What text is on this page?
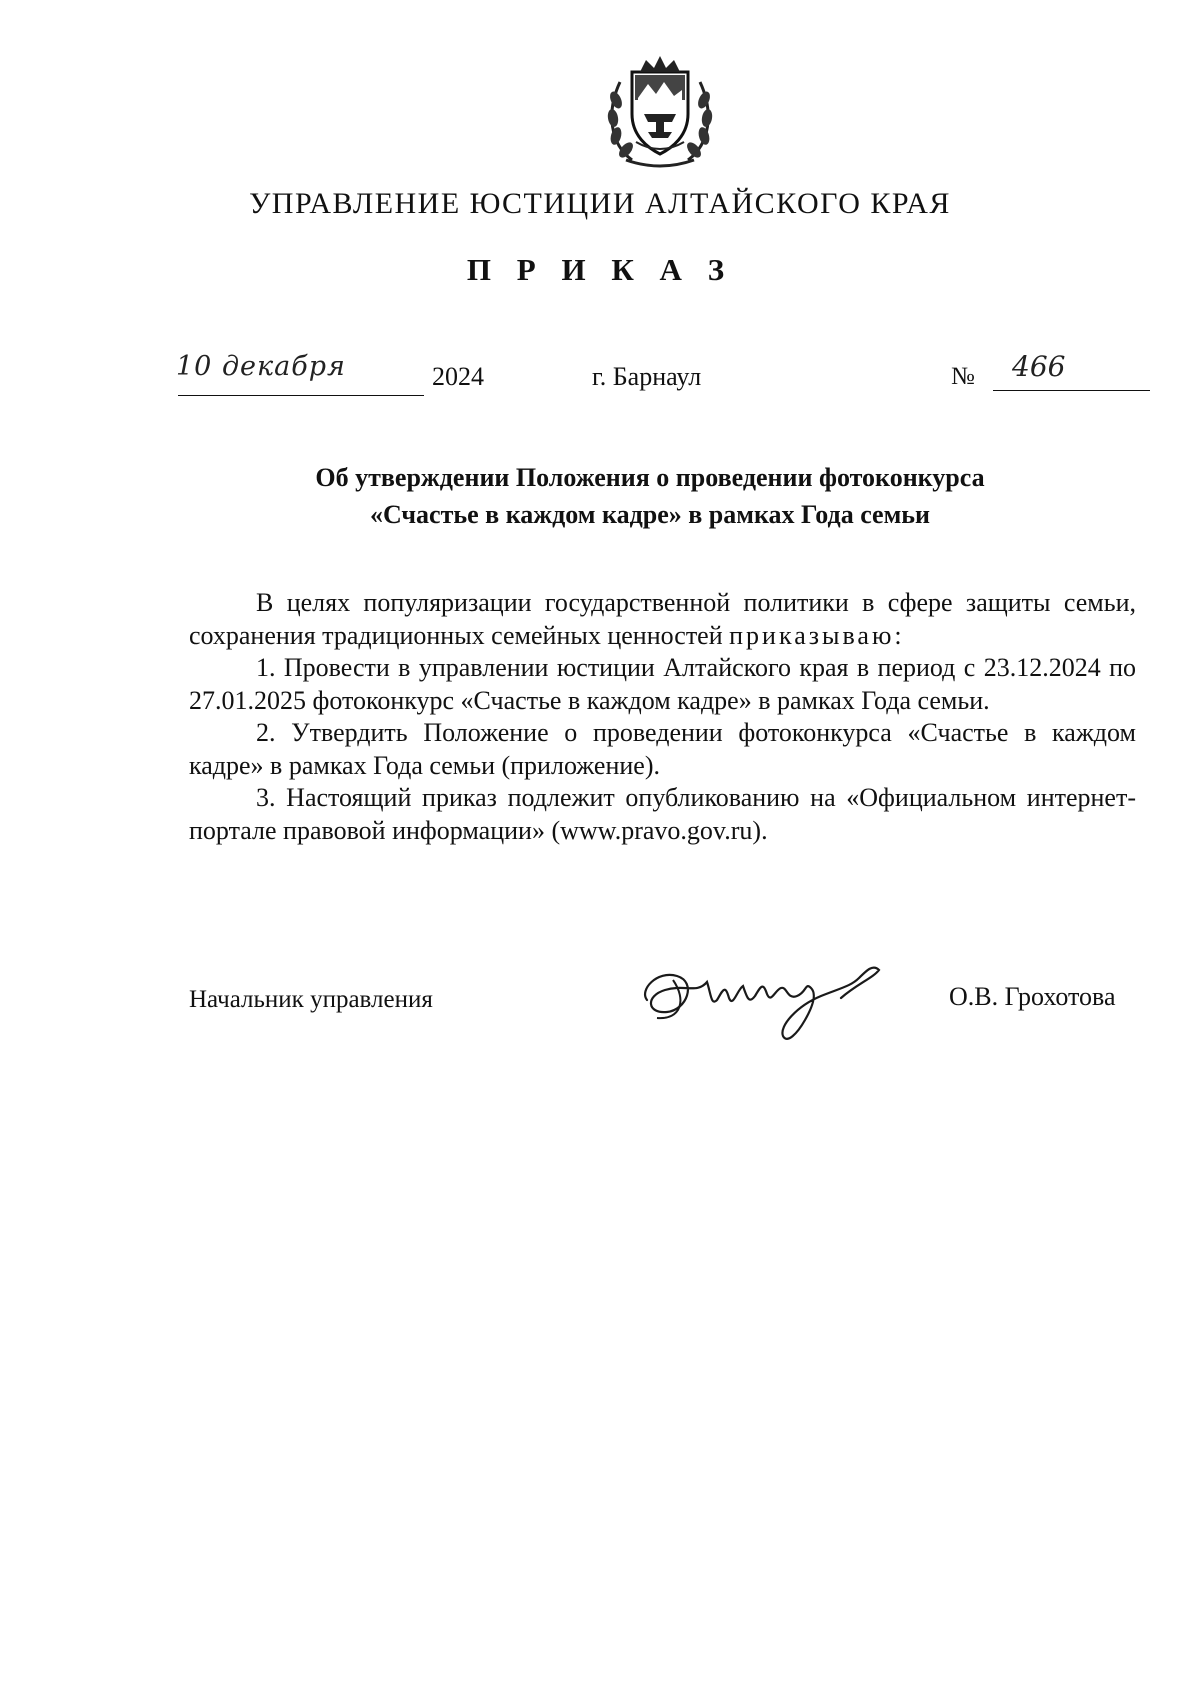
УПРАВЛЕНИЕ ЮСТИЦИИ АЛТАЙСКОГО КРАЯ
П Р И К А З
10 декабря	2024	г. Барнаул	№ 466
Об утверждении Положения о проведении фотоконкурса
«Счастье в каждом кадре» в рамках Года семьи

В целях популяризации государственной политики в сфере защиты семьи, сохранения традиционных семейных ценностей приказываю:

1. Провести в управлении юстиции Алтайского края в период с 23.12.2024 по 27.01.2025 фотоконкурс «Счастье в каждом кадре» в рамках Года семьи.

2. Утвердить Положение о проведении фотоконкурса «Счастье в каждом кадре» в рамках Года семьи (приложение).

3. Настоящий приказ подлежит опубликованию на «Официальном интернет-портале правовой информации» (www.pravo.gov.ru).

Начальник управления	О.В. Грохотова
